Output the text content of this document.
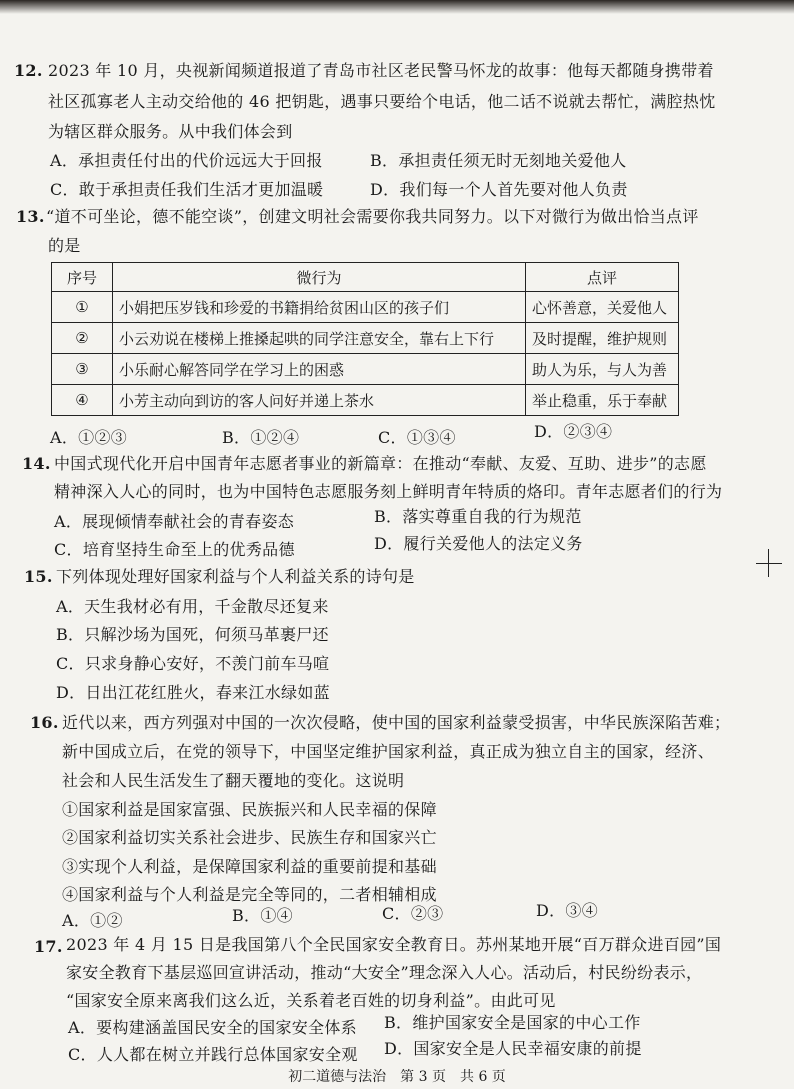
12. 2023 年 10 月，央视新闻频道报道了青岛市社区老民警马怀龙的故事：他每天都随身携带着
社区孤寡老人主动交给他的 46 把钥匙，遇事只要给个电话，他二话不说就去帮忙，满腔热忱
为辖区群众服务。从中我们体会到
A．承担责任付出的代价远远大于回报	B．承担责任须无时无刻地关爱他人
C．敢于承担责任我们生活才更加温暖	D．我们每一个人首先要对他人负责
13. “道不可坐论，德不能空谈”，创建文明社会需要你我共同努力。以下对微行为做出恰当点评
的是
序号	微行为	点评
①	小娟把压岁钱和珍爱的书籍捐给贫困山区的孩子们	心怀善意，关爱他人
②	小云劝说在楼梯上推搡起哄的同学注意安全，靠右上下行	及时提醒，维护规则
③	小乐耐心解答同学在学习上的困惑	助人为乐，与人为善
④	小芳主动向到访的客人问好并递上茶水	举止稳重，乐于奉献
A．①②③	B．①②④	C．①③④	D．②③④
14. 中国式现代化开启中国青年志愿者事业的新篇章：在推动“奉献、友爱、互助、进步”的志愿
精神深入人心的同时，也为中国特色志愿服务刻上鲜明青年特质的烙印。青年志愿者们的行为
A．展现倾情奉献社会的青春姿态	B．落实尊重自我的行为规范
C．培育坚持生命至上的优秀品德	D．履行关爱他人的法定义务
15. 下列体现处理好国家利益与个人利益关系的诗句是
A．天生我材必有用，千金散尽还复来
B．只解沙场为国死，何须马革裹尸还
C．只求身静心安好，不羡门前车马喧
D．日出江花红胜火，春来江水绿如蓝
16. 近代以来，西方列强对中国的一次次侵略，使中国的国家利益蒙受损害，中华民族深陷苦难；
新中国成立后，在党的领导下，中国坚定维护国家利益，真正成为独立自主的国家，经济、
社会和人民生活发生了翻天覆地的变化。这说明
①国家利益是国家富强、民族振兴和人民幸福的保障
②国家利益切实关系社会进步、民族生存和国家兴亡
③实现个人利益，是保障国家利益的重要前提和基础
④国家利益与个人利益是完全等同的，二者相辅相成
A．①②	B．①④	C．②③	D．③④
17. 2023 年 4 月 15 日是我国第八个全民国家安全教育日。苏州某地开展“百万群众进百园”国
家安全教育下基层巡回宣讲活动，推动“大安全”理念深入人心。活动后，村民纷纷表示，
“国家安全原来离我们这么近，关系着老百姓的切身利益”。由此可见
A．要构建涵盖国民安全的国家安全体系 B．维护国家安全是国家的中心工作
C．人人都在树立并践行总体国家安全观 D．国家安全是人民幸福安康的前提
初二道德与法治　第 3 页　共 6 页
